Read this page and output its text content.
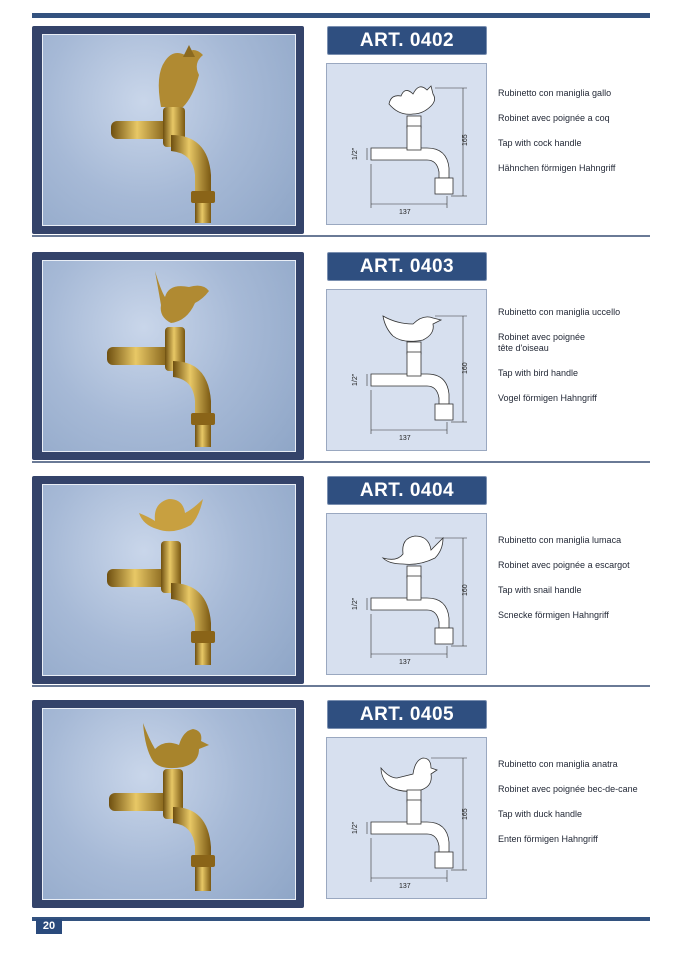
ART. 0402
165
137
1/2"
Rubinetto con maniglia gallo
Robinet avec poignée a coq
Tap with cock handle
Hähnchen förmigen Hahngriff
ART. 0403
160
137
1/2"
Rubinetto con maniglia uccello
Robinet avec poignée
tête d'oiseau
Tap with bird handle
Vogel förmigen Hahngriff
ART. 0404
160
137
1/2"
Rubinetto con maniglia lumaca
Robinet avec poignée a escargot
Tap with snail handle
Scnecke förmigen Hahngriff
ART. 0405
165
137
1/2"
Rubinetto con maniglia anatra
Robinet avec poignée bec-de-cane
Tap with duck handle
Enten förmigen Hahngriff
20
